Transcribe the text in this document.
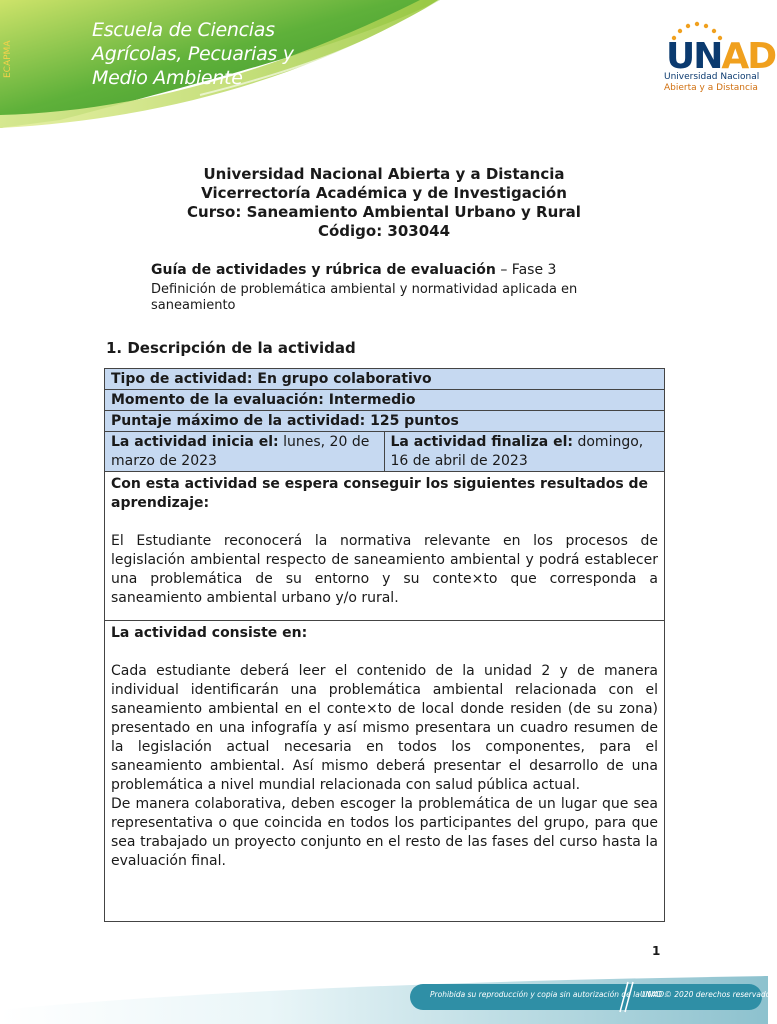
ECAPMA
Escuela de Ciencias
Agrícolas, Pecuarias y
Medio Ambiente
UNAD
Universidad Nacional
Abierta y a Distancia
Universidad Nacional Abierta y a Distancia
Vicerrectoría Académica y de Investigación
Curso: Saneamiento Ambiental Urbano y Rural
Código: 303044
Guía de actividades y rúbrica de evaluación – Fase 3
Definición de problemática ambiental y normatividad aplicada en saneamiento
1. Descripción de la actividad
Tipo de actividad: En grupo colaborativo
Momento de la evaluación: Intermedio
Puntaje máximo de la actividad: 125 puntos
La actividad inicia el: lunes, 20 de marzo de 2023
La actividad finaliza el: domingo, 16 de abril de 2023
Con esta actividad se espera conseguir los siguientes resultados de aprendizaje:
El Estudiante reconocerá la normativa relevante en los procesos de legislación ambiental respecto de saneamiento ambiental y podrá establecer una problemática de su entorno y su conte×to que corresponda a saneamiento ambiental urbano y/o rural.
La actividad consiste en:
Cada estudiante deberá leer el contenido de la unidad 2 y de manera individual identificarán una problemática ambiental relacionada con el saneamiento ambiental en el conte×to de local donde residen (de su zona) presentado en una infografía y así mismo presentara un cuadro resumen de la legislación actual necesaria en todos los componentes, para el saneamiento ambiental. Así mismo deberá presentar el desarrollo de una problemática a nivel mundial relacionada con salud pública actual.
De manera colaborativa, deben escoger la problemática de un lugar que sea representativa o que coincida en todos los participantes del grupo, para que sea trabajado un proyecto conjunto en el resto de las fases del curso hasta la evaluación final.
1
Prohibida su reproducción y copia sin autorización de la UNAD.
UNAD © 2020 derechos reservados.
